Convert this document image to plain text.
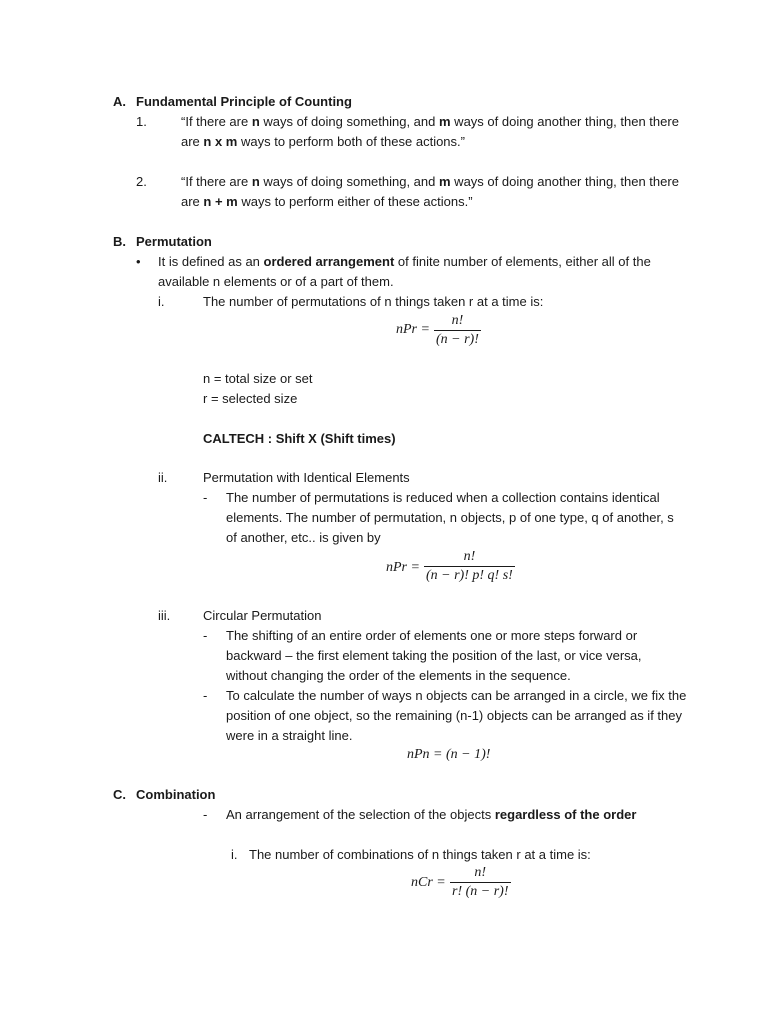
A. Fundamental Principle of Counting
1.	“If there are n ways of doing something, and m ways of doing another thing, then there
are n x m ways to perform both of these actions.”
2.	“If there are n ways of doing something, and m ways of doing another thing, then there
are n + m ways to perform either of these actions.”
B. Permutation
• It is defined as an ordered arrangement of finite number of elements, either all of the
available n elements or of a part of them.
i.	The number of permutations of n things taken r at a time is:
nPr = $\frac{n!}{(n - r)!}$
n = total size or set
r = selected size
CALTECH : Shift X (Shift times)
ii.	Permutation with Identical Elements
- The number of permutations is reduced when a collection contains identical
elements. The number of permutation, n objects, p of one type, q of another, s
of another, etc.. is given by
nPr = $\frac{n!}{(n - r)! p! q! s!}$
iii.	Circular Permutation
- The shifting of an entire order of elements one or more steps forward or
backward – the first element taking the position of the last, or vice versa,
without changing the order of the elements in the sequence.
- To calculate the number of ways n objects can be arranged in a circle, we fix the
position of one object, so the remaining (n-1) objects can be arranged as if they
were in a straight line.
nPn = (n − 1)!
C. Combination
- An arrangement of the selection of the objects regardless of the order
i. The number of combinations of n things taken r at a time is:
nCr = $\frac{n!}{r! (n - r)!}$
